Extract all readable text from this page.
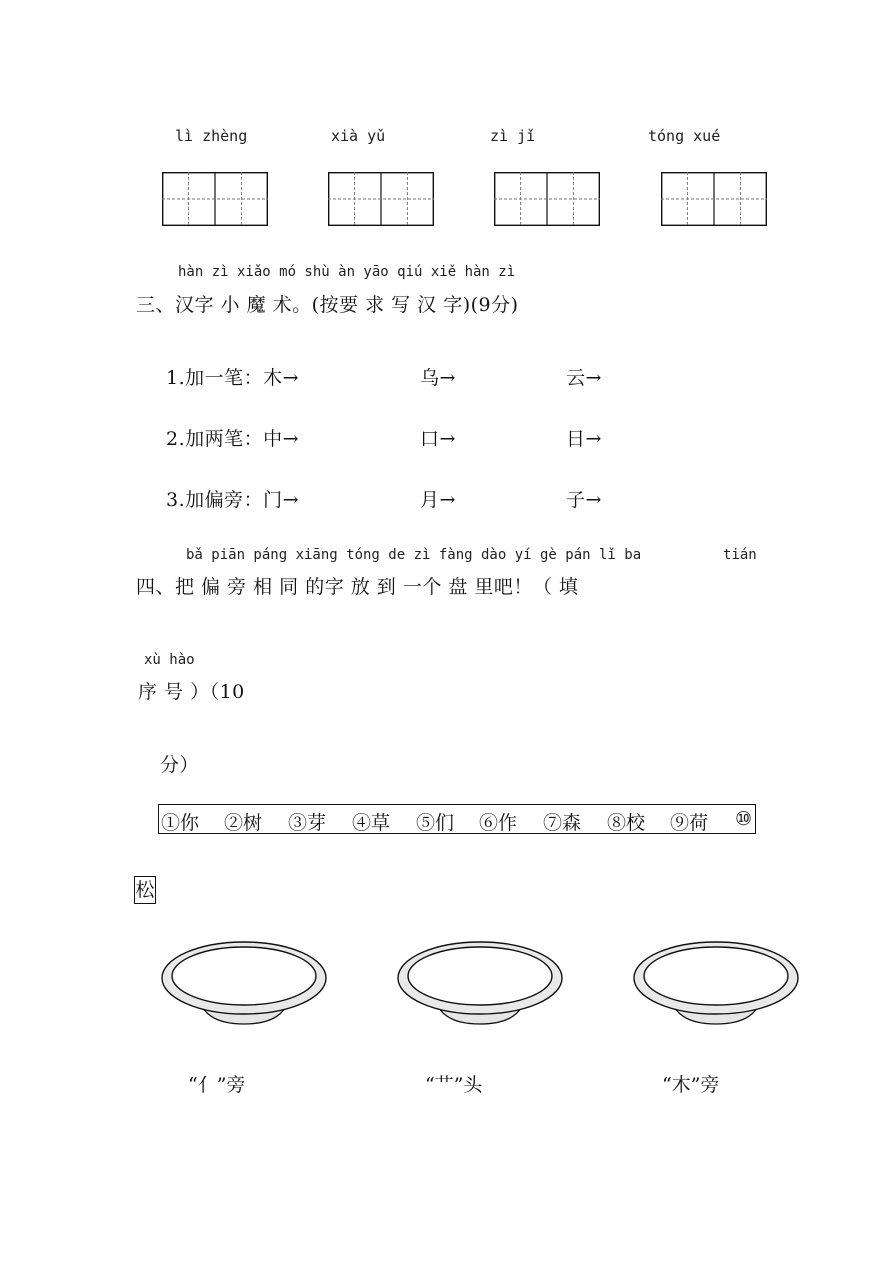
lì zhèng	xià yǔ	zì jǐ	tóng xué
hàn zì xiǎo mó shù àn yāo qiú xiě hàn zì
三、汉字 小 魔 术。(按要 求 写 汉 字)(9分)
1.加一笔：木→	乌→	云→
2.加两笔：中→	口→	日→
3.加偏旁：门→	月→	子→
bǎ piān páng xiāng tóng de zì fàng dào yí gè pán lǐ ba	tián
四、把 偏 旁 相 同 的字 放 到 一个 盘 里吧！（ 填
xù hào
序 号 ）（10
分）
①你 ②树 ③芽 ④草 ⑤们 ⑥作 ⑦森 ⑧校 ⑨荷 ⑩
松
“亻”旁	“艹”头	“木”旁
